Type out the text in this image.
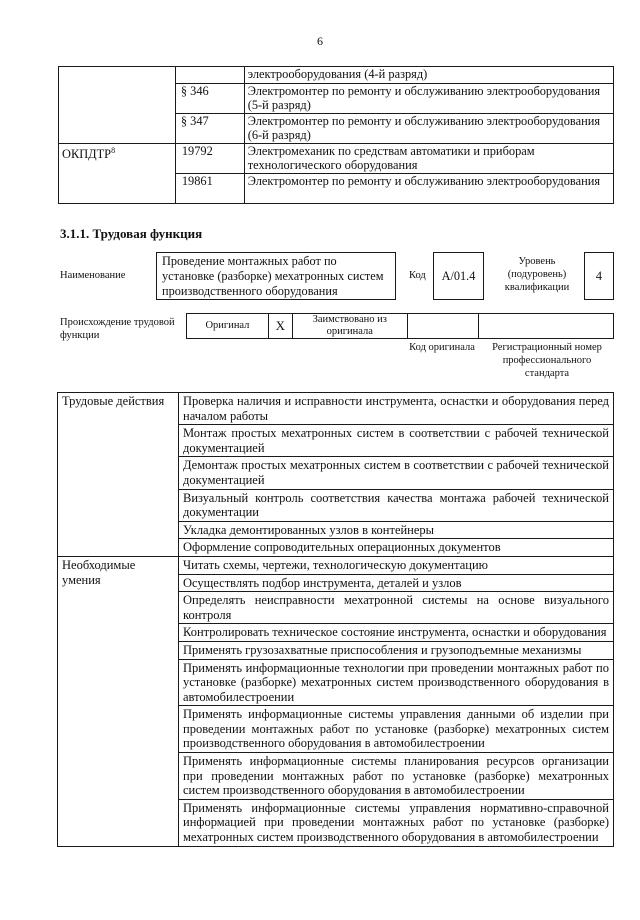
6
		электрооборудования (4-й разряд)
	§ 346	Электромонтер по ремонту и обслуживанию электрооборудования (5-й разряд)
	§ 347	Электромонтер по ремонту и обслуживанию электрооборудования (6-й разряд)
ОКПДТР$^8$	19792	Электромеханик по средствам автоматики и приборам технологического оборудования
	19861	Электромонтер по ремонту и обслуживанию электрооборудования
3.1.1. Трудовая функция
Наименование
Проведение монтажных работ по установке (разборке) мехатронных систем производственного оборудования
Код	A/01.4
Уровень (подуровень) квалификации
4
Происхождение трудовой функции
Оригинал	X	Заимствовано из оригинала		
Код оригинала	Регистрационный номер профессионального стандарта
Трудовые действия	Проверка наличия и исправности инструмента, оснастки и оборудования перед началом работы
	Монтаж простых мехатронных систем в соответствии с рабочей технической документацией
	Демонтаж простых мехатронных систем в соответствии с рабочей технической документацией
	Визуальный контроль соответствия качества монтажа рабочей технической документации
	Укладка демонтированных узлов в контейнеры
	Оформление сопроводительных операционных документов
Необходимые умения	Читать схемы, чертежи, технологическую документацию
	Осуществлять подбор инструмента, деталей и узлов
	Определять неисправности мехатронной системы на основе визуального контроля
	Контролировать техническое состояние инструмента, оснастки и оборудования
	Применять грузозахватные приспособления и грузоподъемные механизмы
	Применять информационные технологии при проведении монтажных работ по установке (разборке) мехатронных систем производственного оборудования в автомобилестроении
	Применять информационные системы управления данными об изделии при проведении монтажных работ по установке (разборке) мехатронных систем производственного оборудования в автомобилестроении
	Применять информационные системы планирования ресурсов организации при проведении монтажных работ по установке (разборке) мехатронных систем производственного оборудования в автомобилестроении
	Применять информационные системы управления нормативно-справочной информацией при проведении монтажных работ по установке (разборке) мехатронных систем производственного оборудования в автомобилестроении
